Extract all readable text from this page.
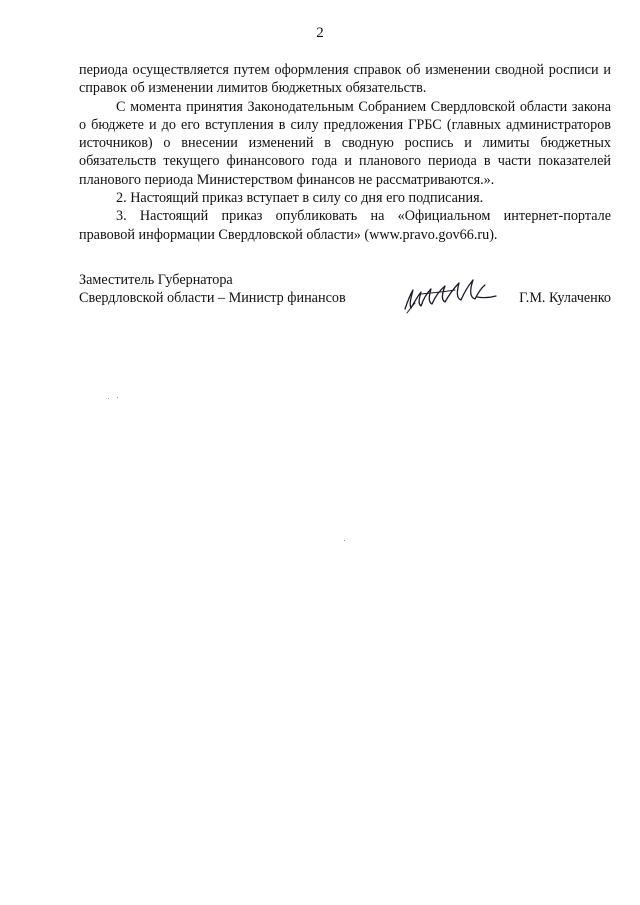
2

периода осуществляется путем оформления справок об изменении сводной росписи и справок об изменении лимитов бюджетных обязательств.

С момента принятия Законодательным Собранием Свердловской области закона о бюджете и до его вступления в силу предложения ГРБС (главных администраторов источников) о внесении изменений в сводную роспись и лимиты бюджетных обязательств текущего финансового года и планового периода в части показателей планового периода Министерством финансов не рассматриваются.».

2. Настоящий приказ вступает в силу со дня его подписания.

3. Настоящий приказ опубликовать на «Официальном интернет-портале правовой информации Свердловской области» (www.pravo.gov66.ru).

Заместитель Губернатора
Свердловской области – Министр финансов	Г.М. Кулаченко
